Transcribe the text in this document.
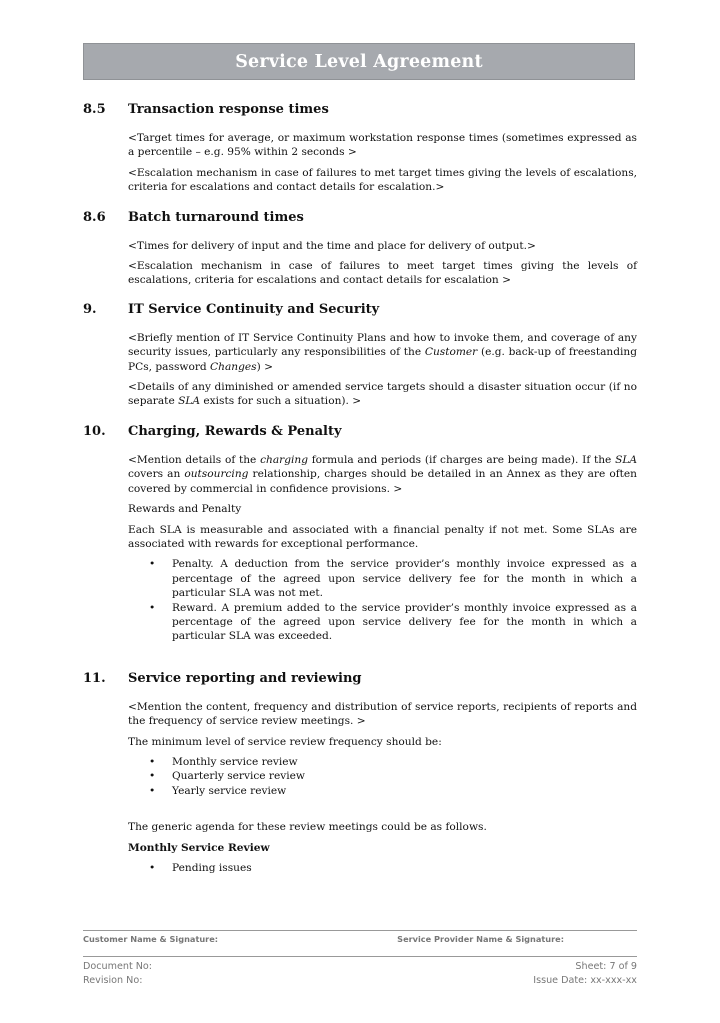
Service Level Agreement
8.5	Transaction response times

<Target times for average, or maximum workstation response times (sometimes expressed as a percentile – e.g. 95% within 2 seconds >

<Escalation mechanism in case of failures to met target times giving the levels of escalations, criteria for escalations and contact details for escalation.>

8.6	Batch turnaround times

<Times for delivery of input and the time and place for delivery of output.>

<Escalation mechanism in case of failures to meet target times giving the levels of escalations, criteria for escalations and contact details for escalation >

9.	IT Service Continuity and Security

<Briefly mention of IT Service Continuity Plans and how to invoke them, and coverage of any security issues, particularly any responsibilities of the Customer (e.g. back-up of freestanding PCs, password Changes) >

<Details of any diminished or amended service targets should a disaster situation occur (if no separate SLA exists for such a situation). >

10.	Charging, Rewards & Penalty

<Mention details of the charging formula and periods (if charges are being made). If the SLA covers an outsourcing relationship, charges should be detailed in an Annex as they are often covered by commercial in confidence provisions. >

Rewards and Penalty

Each SLA is measurable and associated with a financial penalty if not met. Some SLAs are associated with rewards for exceptional performance.

• Penalty. A deduction from the service provider’s monthly invoice expressed as a percentage of the agreed upon service delivery fee for the month in which a particular SLA was not met.
• Reward. A premium added to the service provider’s monthly invoice expressed as a percentage of the agreed upon service delivery fee for the month in which a particular SLA was exceeded.
11.	Service reporting and reviewing

<Mention the content, frequency and distribution of service reports, recipients of reports and the frequency of service review meetings. >

The minimum level of service review frequency should be:

• Monthly service review
• Quarterly service review
• Yearly service review

The generic agenda for these review meetings could be as follows.

Monthly Service Review

• Pending issues
Customer Name & Signature:	Service Provider Name & Signature:
Document No:	Sheet: 7 of 9
Revision No:	Issue Date: xx-xxx-xx
